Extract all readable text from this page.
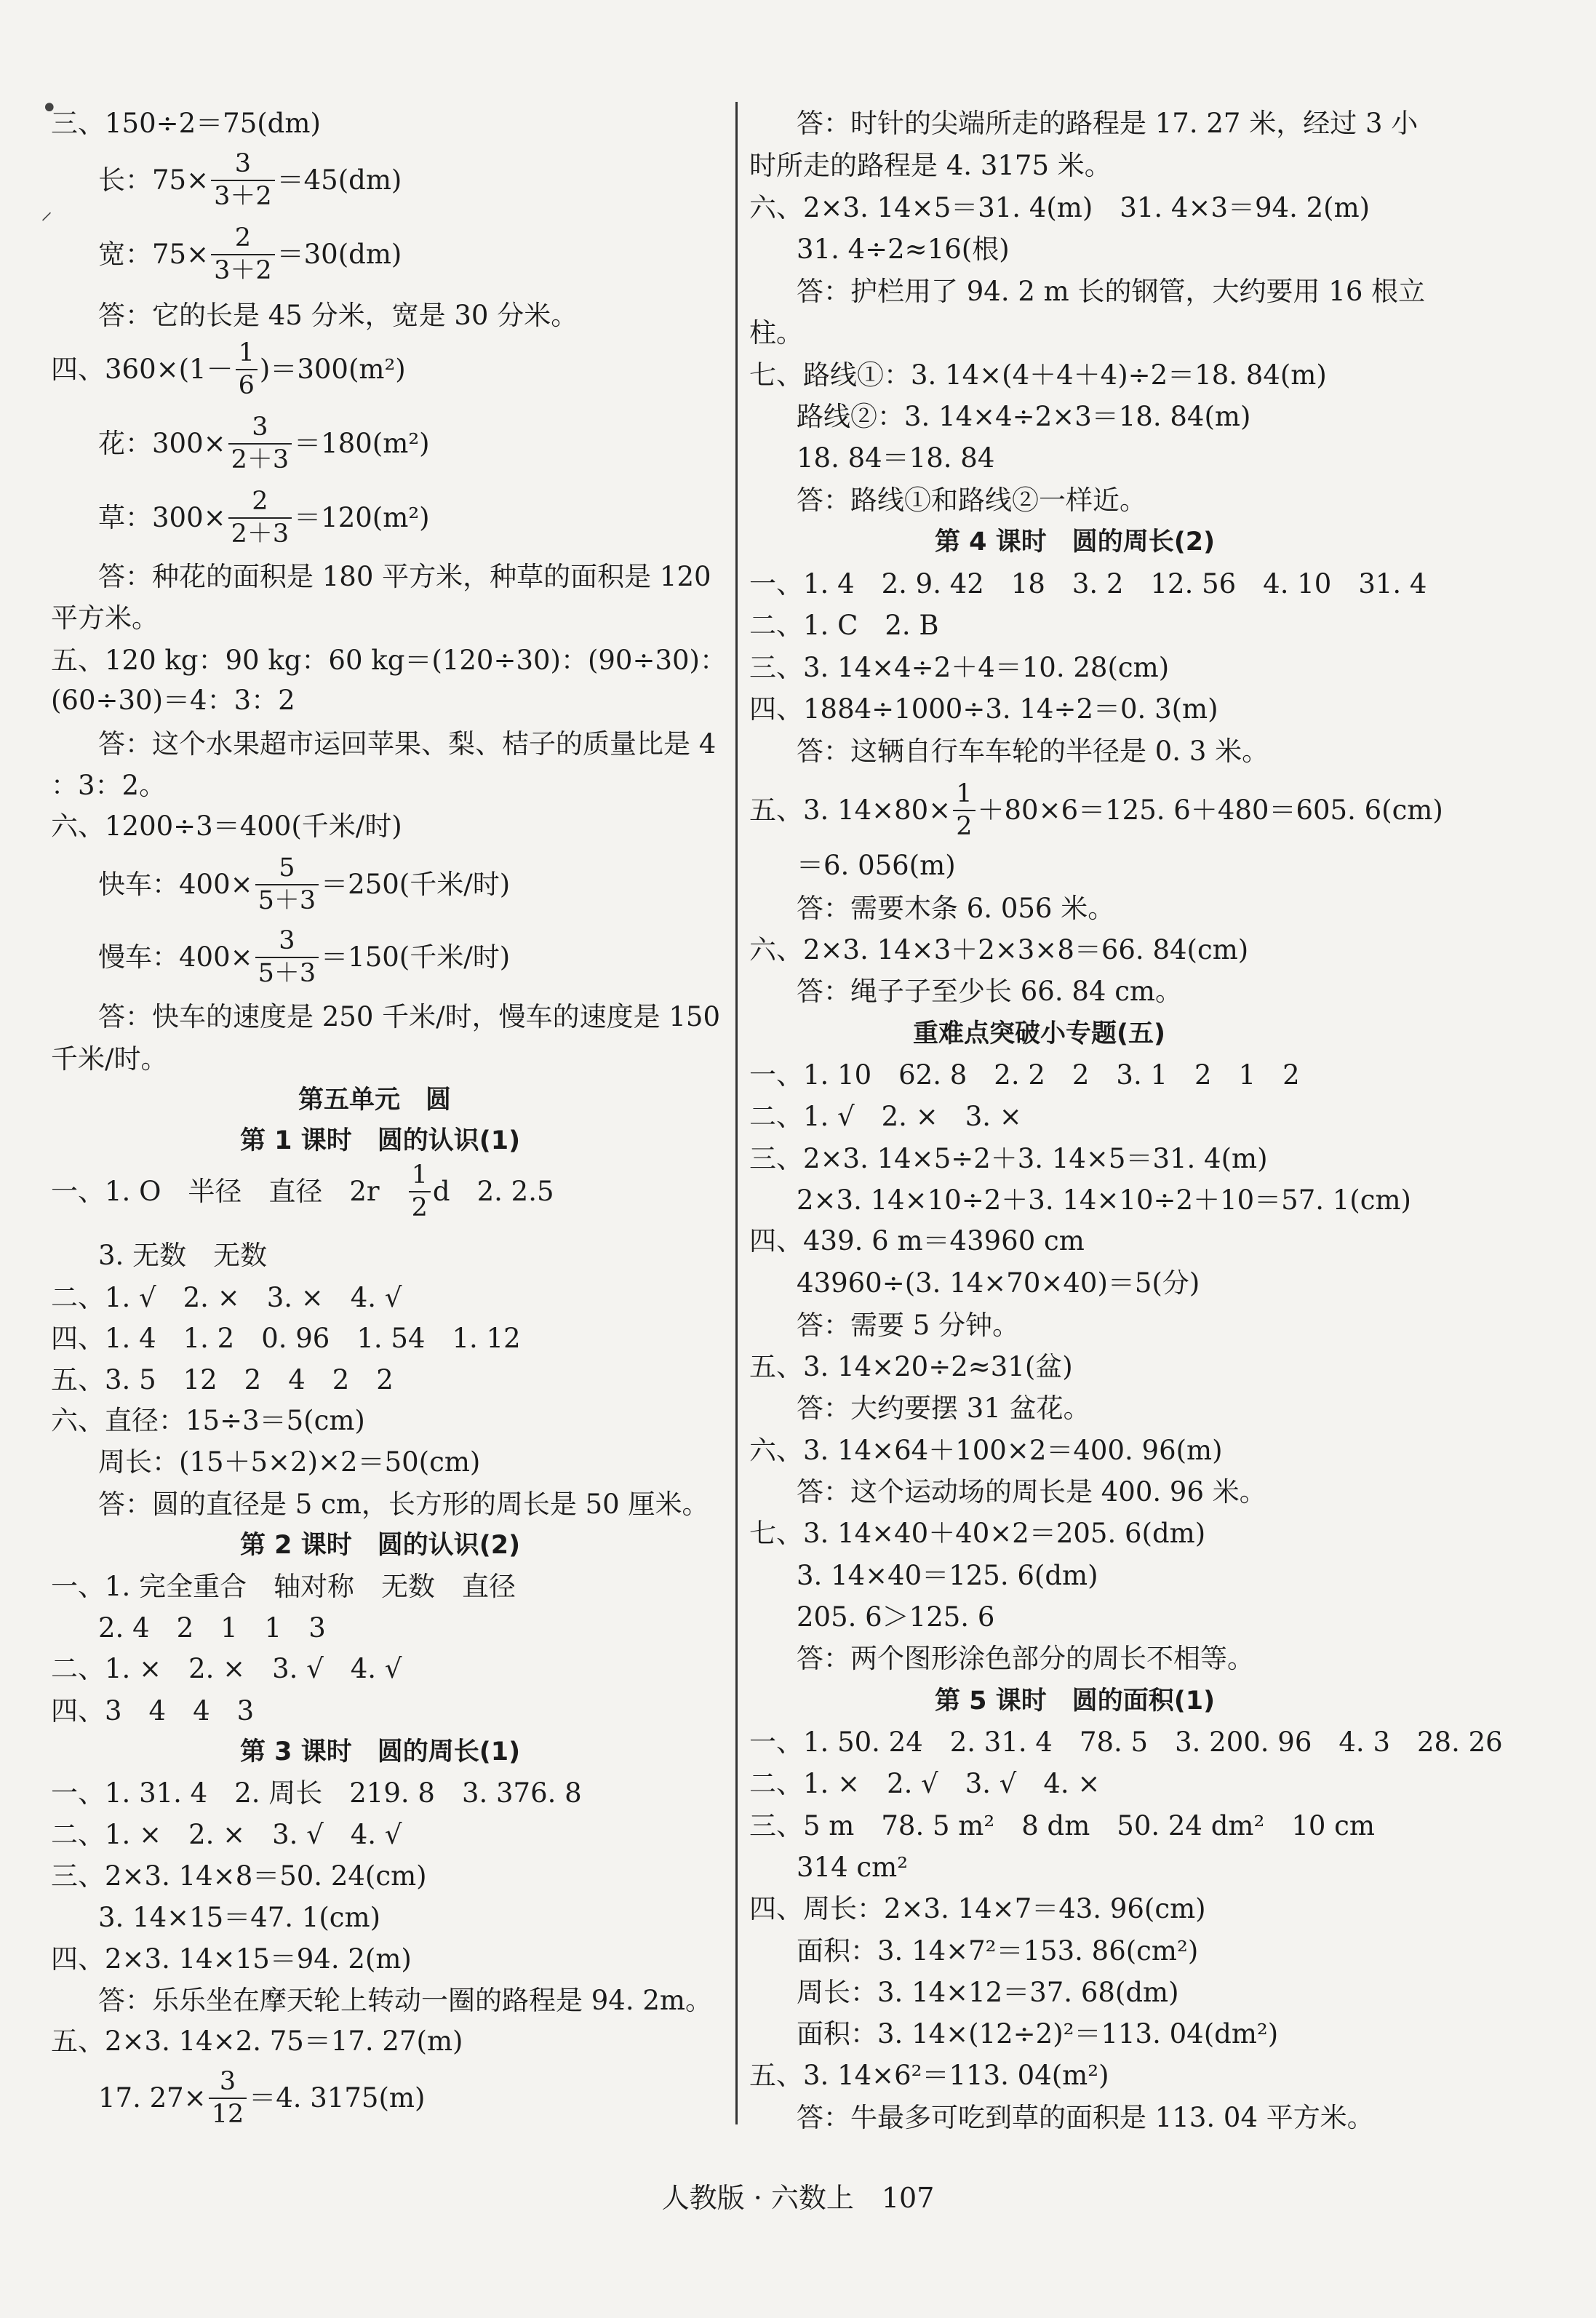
三、150÷2＝75(dm)
长：$75\times \frac{3}{3+2} =45(dm)$
宽：$75\times \frac{2}{3+2} =30(dm)$
答：它的长是 45 分米，宽是 30 分米。
四、$360\times(1- \frac{1}{6} )=300(m^2)$
花：$300\times \frac{3}{2+3} =180(m^2)$
草：$300\times \frac{2}{2+3} =120(m^2)$
答：种花的面积是 180 平方米，种草的面积是 120
平方米。
五、120 kg：90 kg：60 kg＝(120÷30)：(90÷30)：
(60÷30)＝4：3：2
答：这个水果超市运回苹果、梨、桔子的质量比是 4
：3：2。
六、1200÷3＝400(千米/时)
快车：$400\times \frac{5}{5+3} =250$(千米/时)
慢车：$400\times \frac{3}{5+3} =150$(千米/时)
答：快车的速度是 250 千米/时，慢车的速度是 150
千米/时。
第五单元　圆
第 1 课时　圆的认识(1)
一、1. O　半径　直径　2r　 $\frac{1}{2}$ d　2. 2.5
3. 无数　无数
二、1. √　2. ×　3. ×　4. √
四、1. 4　1. 2　0. 96　1. 54　1. 12
五、3. 5　12　2　4　2　2
六、直径：15÷3＝5(cm)
周长：(15＋5×2)×2＝50(cm)
答：圆的直径是 5 cm，长方形的周长是 50 厘米。
第 2 课时　圆的认识(2)
一、1. 完全重合　轴对称　无数　直径
2. 4　2　1　1　3
二、1. ×　2. ×　3. √　4. √
四、3　4　4　3
第 3 课时　圆的周长(1)
一、1. 31. 4　2. 周长　219. 8　3. 376. 8
二、1. ×　2. ×　3. √　4. √
三、2×3. 14×8＝50. 24(cm)
3. 14×15＝47. 1(cm)
四、2×3. 14×15＝94. 2(m)
答：乐乐坐在摩天轮上转动一圈的路程是 94. 2m。
五、2×3. 14×2. 75＝17. 27(m)
17. $27\times \frac{3}{12} =4$. 3175(m)
答：时针的尖端所走的路程是 17. 27 米，经过 3 小
时所走的路程是 4. 3175 米。
六、2×3. 14×5＝31. 4(m)　31. 4×3＝94. 2(m)
31. 4÷2≈16(根)
答：护栏用了 94. 2 m 长的钢管，大约要用 16 根立
柱。
七、路线①：3. 14×(4＋4＋4)÷2＝18. 84(m)
路线②：3. 14×4÷2×3＝18. 84(m)
18. 84＝18. 84
答：路线①和路线②一样近。
第 4 课时　圆的周长(2)
一、1. 4　2. 9. 42　18　3. 2　12. 56　4. 10　31. 4
二、1. C　2. B
三、3. 14×4÷2＋4＝10. 28(cm)
四、1884÷1000÷3. 14÷2＝0. 3(m)
答：这辆自行车车轮的半径是 0. 3 米。
五、3. $14\times 80\times \frac{1}{2} +80\times 6=125$. 6＋480＝605. 6(cm)
＝6. 056(m)
答：需要木条 6. 056 米。
六、2×3. 14×3＋2×3×8＝66. 84(cm)
答：绳子子至少长 66. 84 cm。
重难点突破小专题(五)
一、1. 10　62. 8　2. 2　2　3. 1　2　1　2
二、1. √　2. ×　3. ×
三、2×3. 14×5÷2＋3. 14×5＝31. 4(m)
2×3. 14×10÷2＋3. 14×10÷2＋10＝57. 1(cm)
四、439. 6 m＝43960 cm
43960÷(3. 14×70×40)＝5(分)
答：需要 5 分钟。
五、3. 14×20÷2≈31(盆)
答：大约要摆 31 盆花。
六、3. 14×64＋100×2＝400. 96(m)
答：这个运动场的周长是 400. 96 米。
七、3. 14×40＋40×2＝205. 6(dm)
3. 14×40＝125. 6(dm)
205. 6＞125. 6
答：两个图形涂色部分的周长不相等。
第 5 课时　圆的面积(1)
一、1. 50. 24　2. 31. 4　78. 5　3. 200. 96　4. 3　28. 26
二、1. ×　2. √　3. √　4. ×
三、5 m　78. 5 m²　8 dm　50. 24 dm²　10 cm
314 cm²
四、周长：2×3. 14×7＝43. 96(cm)
面积：3. 14×7²＝153. 86(cm²)
周长：3. 14×12＝37. 68(dm)
面积：3. 14×(12÷2)²＝113. 04(dm²)
五、3. 14×6²＝113. 04(m²)
答：牛最多可吃到草的面积是 113. 04 平方米。
•
⸝
人教版 · 六数上　107
